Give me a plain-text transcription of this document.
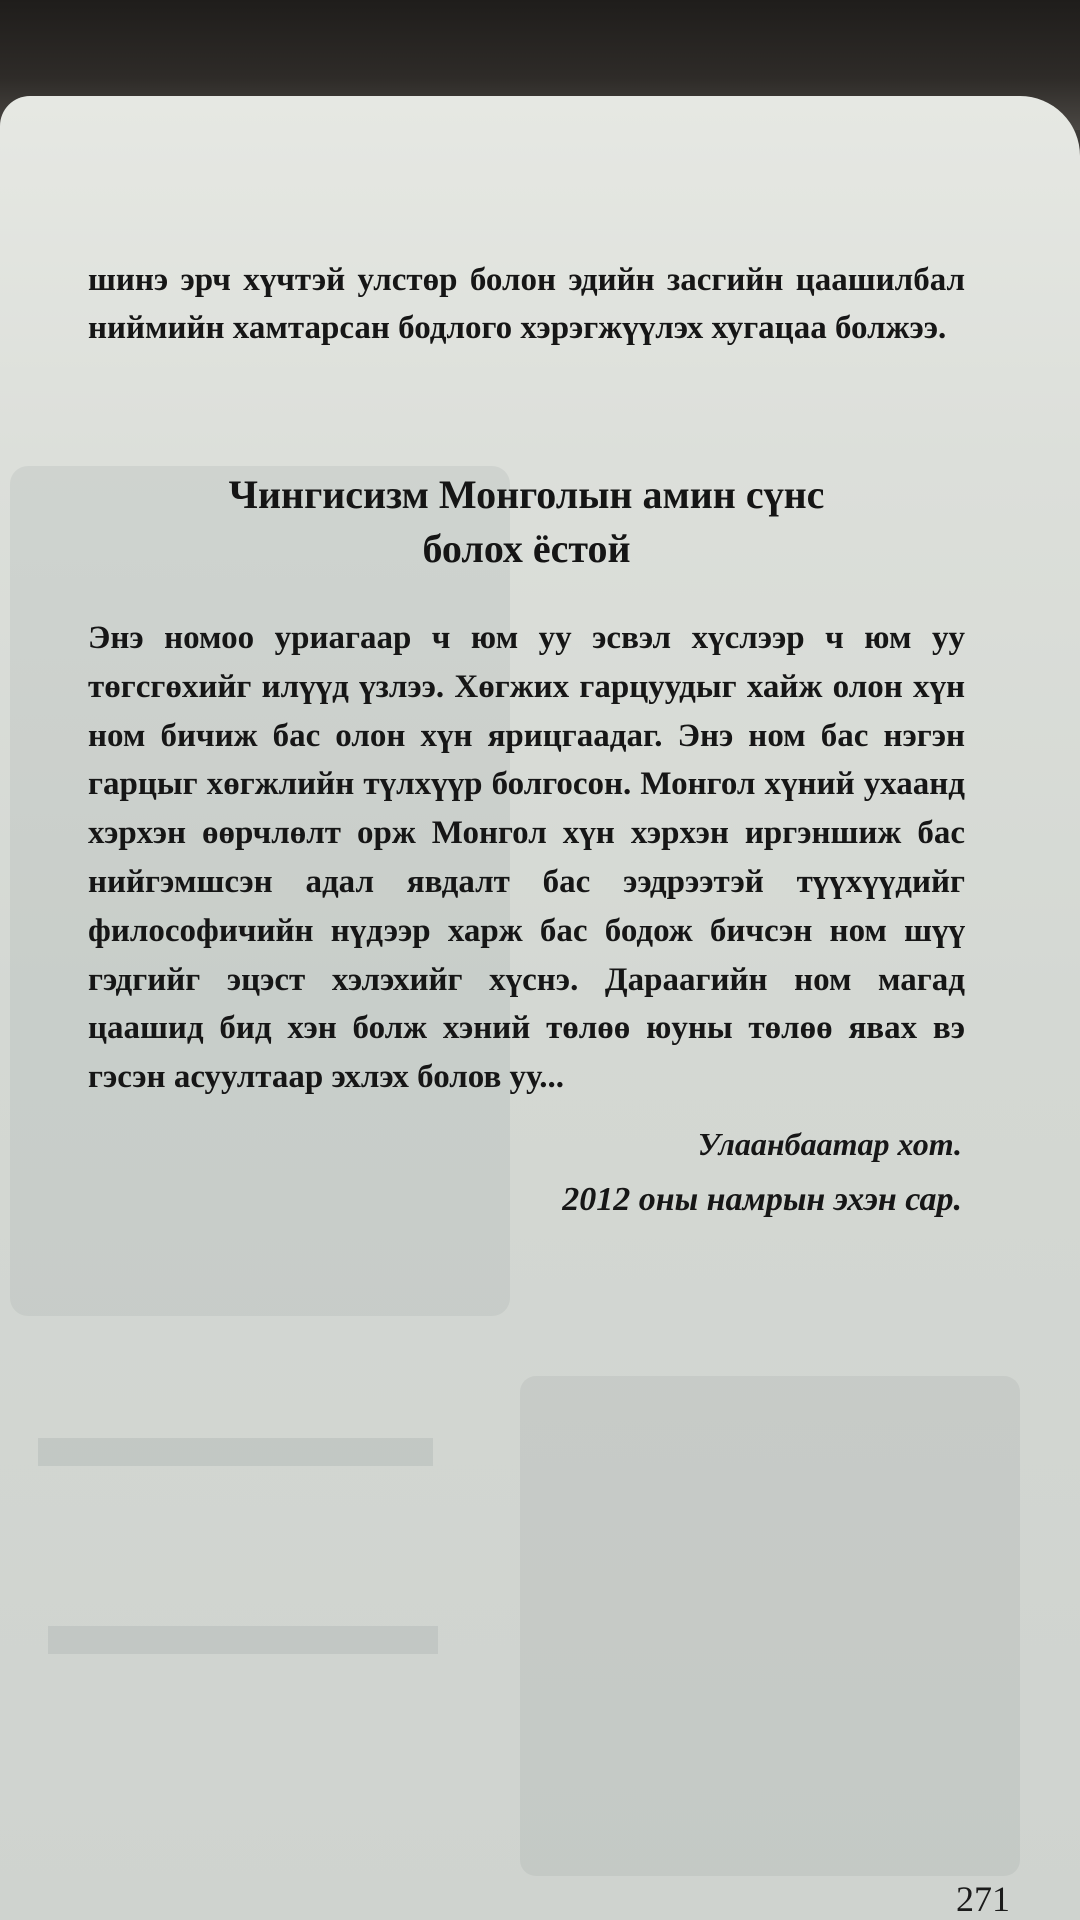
шинэ эрч хүчтэй улстөр болон эдийн засгийн цаашилбал ниймийн хамтарсан бодлого хэрэгжүүлэх хугацаа болжээ.

Чингисизм Монголын амин сүнс
болох ёстой

Энэ номоо уриагаар ч юм уу эсвэл хүслээр ч юм уу төгсгөхийг илүүд үзлээ. Хөгжих гарцуудыг хайж олон хүн ном бичиж бас олон хүн ярицгаадаг. Энэ ном бас нэгэн гарцыг хөгжлийн түлхүүр болгосон. Монгол хүний ухаанд хэрхэн өөрчлөлт орж Монгол хүн хэрхэн иргэншиж бас нийгэмшсэн адал явдалт бас ээдрээтэй түүхүүдийг философичийн нүдээр харж бас бодож бичсэн ном шүү гэдгийг эцэст хэлэхийг хүснэ. Дараагийн ном магад цаашид бид хэн болж хэний төлөө юуны төлөө явах вэ гэсэн асуултаар эхлэх болов уу...

Улаанбаатар хот.
2012 оны намрын эхэн сар.
271
